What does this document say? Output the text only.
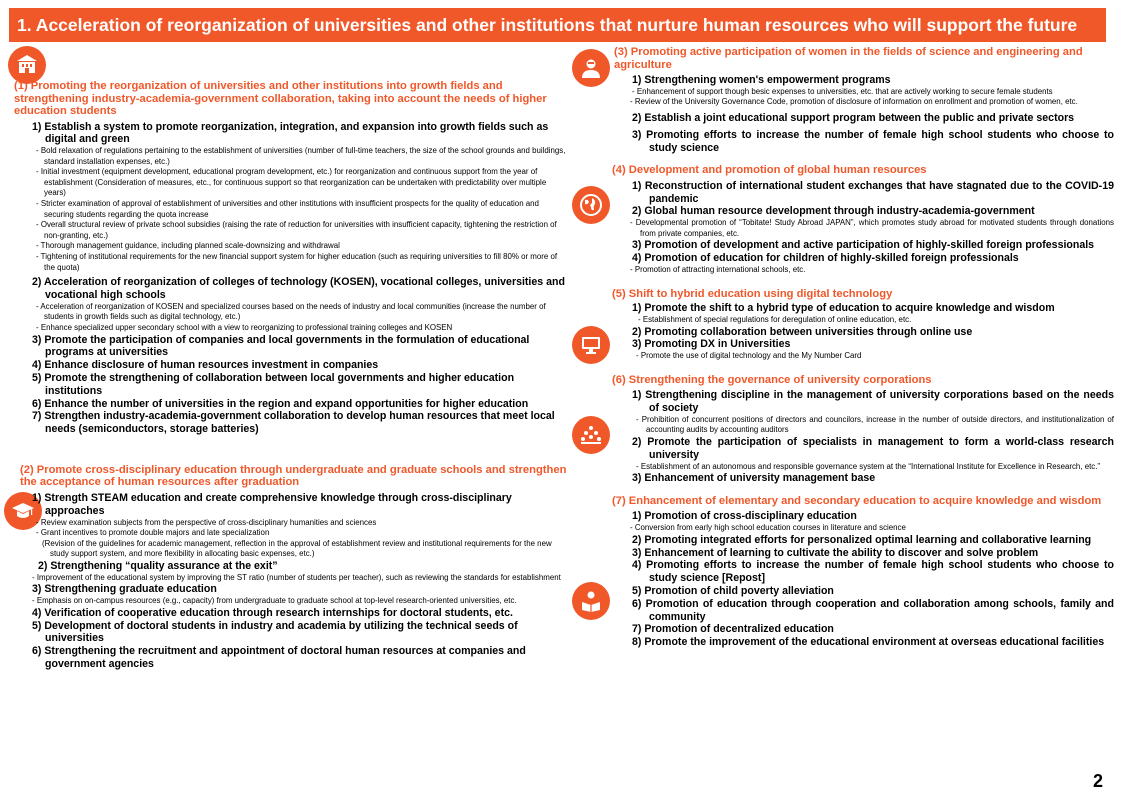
1. Acceleration of reorganization of universities and other institutions that nurture human resources who will support the future
(1) Promoting the reorganization of universities and other institutions into growth fields and strengthening industry-academia-government collaboration, taking into account the needs of higher education students
1) Establish a system to promote reorganization, integration, and expansion into growth fields such as digital and green
- Bold relaxation of regulations pertaining to the establishment of universities (number of full-time teachers, the size of the school grounds and buildings, standard installation expenses, etc.)
- Initial investment (equipment development, educational program development, etc.) for reorganization and continuous support from the year of establishment (Consideration of measures, etc., for continuous support so that reorganization can be undertaken with predictability over multiple years)
- Stricter examination of approval of establishment of universities and other institutions with insufficient prospects for the quality of education and securing students regarding the quota increase
- Overall structural review of private school subsidies (raising the rate of reduction for universities with insufficient capacity, tightening the restriction of non-granting, etc.)
- Thorough management guidance, including planned scale-downsizing and withdrawal
- Tightening of institutional requirements for the new financial support system for higher education (such as requiring universities to fill 80% or more of the quota)
2) Acceleration of reorganization of colleges of technology (KOSEN), vocational colleges, universities and vocational high schools
- Acceleration of reorganization of KOSEN and specialized courses based on the needs of industry and local communities (increase the number of students in growth fields such as digital technology, etc.)
- Enhance specialized upper secondary school with a view to reorganizing to professional training colleges and KOSEN
3) Promote the participation of companies and local governments in the formulation of educational programs at universities
4) Enhance disclosure of human resources investment in companies
5) Promote the strengthening of collaboration between local governments and higher education institutions
6) Enhance the number of universities in the region and expand opportunities for higher education
7) Strengthen industry-academia-government collaboration to develop human resources that meet local needs (semiconductors, storage batteries)
(2) Promote cross-disciplinary education through undergraduate and graduate schools and strengthen the acceptance of human resources after graduation
1) Strength STEAM education and create comprehensive knowledge through cross-disciplinary approaches
- Review examination subjects from the perspective of cross-disciplinary humanities and sciences
- Grant incentives to promote double majors and late specialization
(Revision of the guidelines for academic management, reflection in the approval of establishment review and institutional requirements for the new study support system, and more flexibility in allocating basic expenses, etc.)
2) Strengthening “quality assurance at the exit”
- Improvement of the educational system by improving the ST ratio (number of students per teacher), such as reviewing the standards for establishment
3) Strengthening graduate education
- Emphasis on on-campus resources (e.g., capacity) from undergraduate to graduate school at top-level research-oriented universities, etc.
4) Verification of cooperative education through research internships for doctoral students, etc.
5) Development of doctoral students in industry and academia by utilizing the technical seeds of universities
6) Strengthening the recruitment and appointment of doctoral human resources at companies and government agencies
(3) Promoting active participation of women in the fields of science and engineering and agriculture
1) Strengthening women's empowerment programs
- Enhancement of support though besic expenses to universities, etc. that are actively working to secure female students
- Review of the University Governance Code, promotion of disclosure of information on enrollment and promotion of women, etc.
2) Establish a joint educational support program between the public and private sectors
3) Promoting efforts to increase the number of female high school students who choose to study science
(4) Development and promotion of global human resources
1) Reconstruction of international student exchanges that have stagnated due to the COVID-19 pandemic
2) Global human resource development through industry-academia-government
- Developmental promotion of “Tobitate! Study Abroad JAPAN”, which promotes study abroad for motivated students through donations from private companies, etc.
3) Promotion of development and active participation of highly-skilled foreign professionals
4) Promotion of education for children of highly-skilled foreign professionals
- Promotion of attracting international schools, etc.
(5) Shift to hybrid education using digital technology
1) Promote the shift to a hybrid type of education to acquire knowledge and wisdom
- Establishment of special regulations for deregulation of online education, etc.
2) Promoting collaboration between universities through online use
3) Promoting DX in Universities
- Promote the use of digital technology and the My Number Card
(6) Strengthening the governance of university corporations
1) Strengthening discipline in the management of university corporations based on the needs of society
- Prohibition of concurrent positions of directors and councilors, increase in the number of outside directors, and institutionalization of accounting audits by accounting auditors
2) Promote the participation of specialists in management to form a world-class research university
- Establishment of an autonomous and responsible governance system at the “International Institute for Excellence in Research, etc.”
3) Enhancement of university management base
(7) Enhancement of elementary and secondary education to acquire knowledge and wisdom
1) Promotion of cross-disciplinary education
- Conversion from early high school education courses in literature and science
2) Promoting integrated efforts for personalized optimal learning and collaborative learning
3) Enhancement of learning to cultivate the ability to discover and solve problem
4) Promoting efforts to increase the number of female high school students who choose to study science [Repost]
5) Promotion of child poverty alleviation
6) Promotion of education through cooperation and collaboration among schools, family and community
7) Promotion of decentralized education
8) Promote the improvement of the educational environment at overseas educational facilities
2
